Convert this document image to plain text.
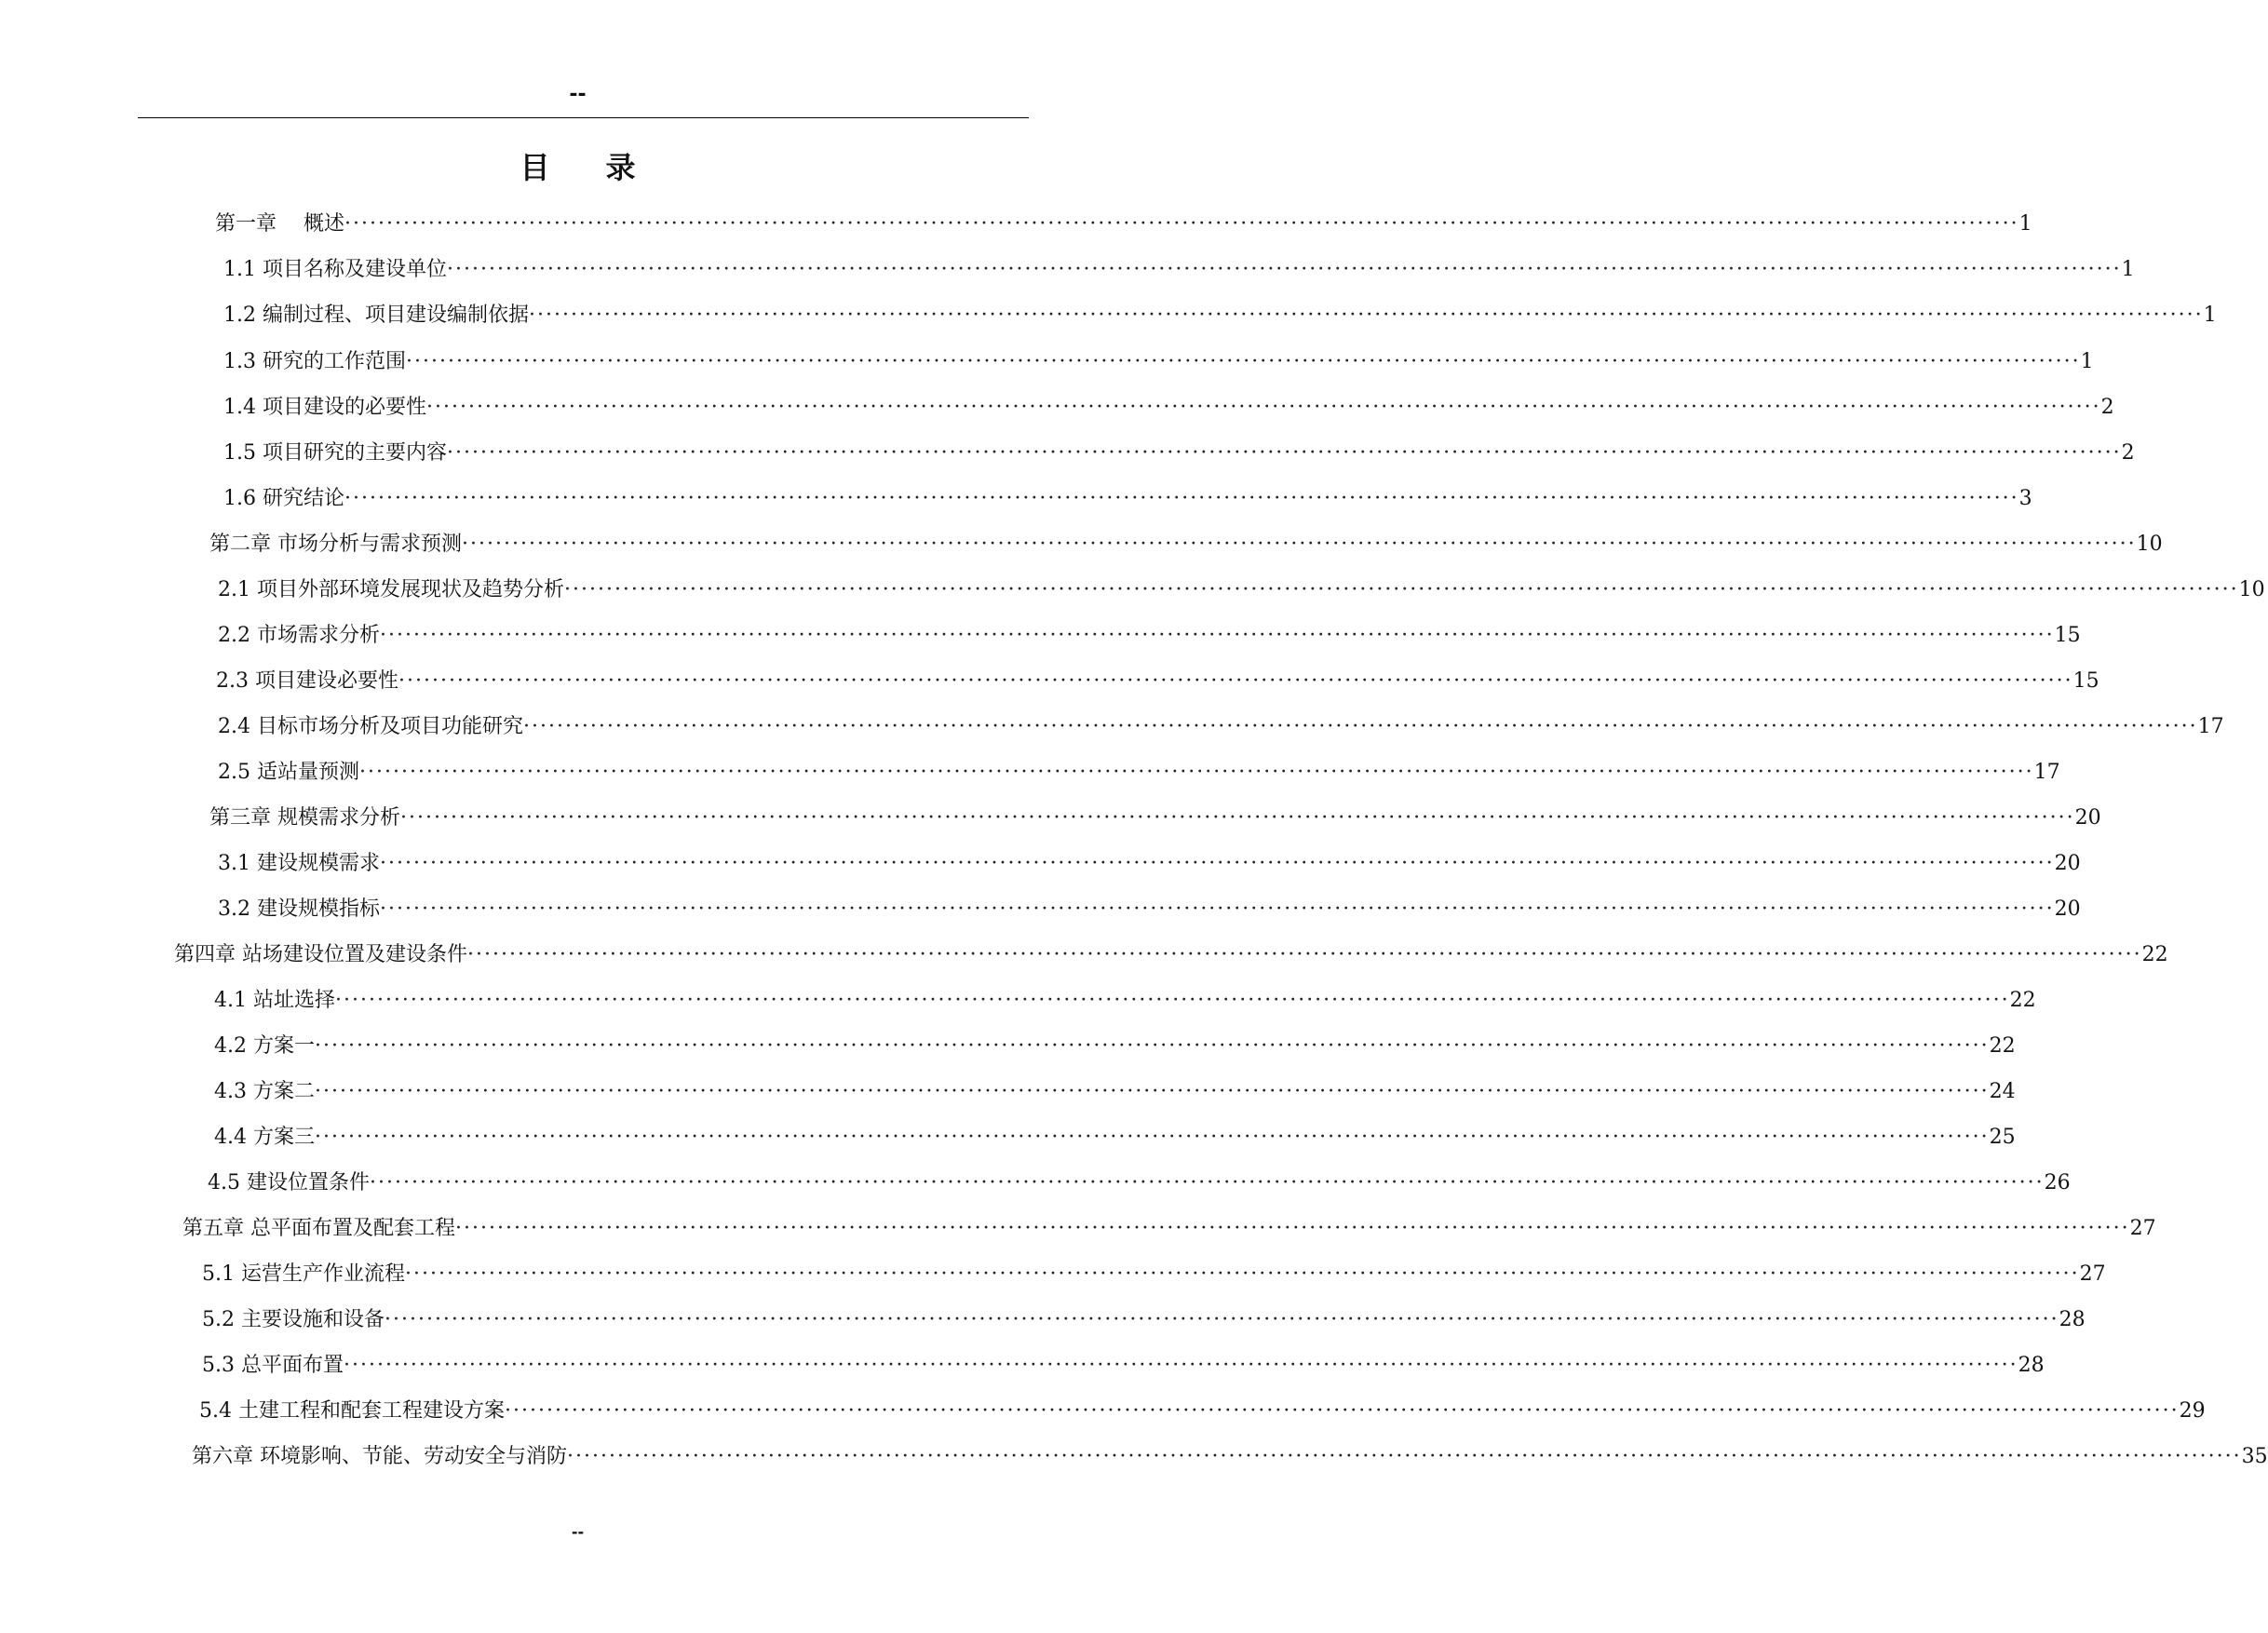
--
目录
第一章　 概述 ········································································································································································································ 1
1.1 项目名称及建设单位 ········································································································································································································ 1
1.2 编制过程、项目建设编制依据 ········································································································································································································ 1
1.3 研究的工作范围 ········································································································································································································ 1
1.4 项目建设的必要性 ········································································································································································································ 2
1.5 项目研究的主要内容 ········································································································································································································ 2
1.6 研究结论 ········································································································································································································ 3
第二章 市场分析与需求预测 ········································································································································································································ 10
2.1 项目外部环境发展现状及趋势分析 ········································································································································································································ 10
2.2 市场需求分析 ········································································································································································································ 15
2.3 项目建设必要性 ········································································································································································································ 15
2.4 目标市场分析及项目功能研究 ········································································································································································································ 17
2.5 适站量预测 ········································································································································································································ 17
第三章 规模需求分析 ········································································································································································································ 20
3.1 建设规模需求 ········································································································································································································ 20
3.2 建设规模指标 ········································································································································································································ 20
第四章 站场建设位置及建设条件 ········································································································································································································ 22
4.1 站址选择 ········································································································································································································ 22
4.2 方案一 ········································································································································································································ 22
4.3 方案二 ········································································································································································································ 24
4.4 方案三 ········································································································································································································ 25
4.5 建设位置条件 ········································································································································································································ 26
第五章 总平面布置及配套工程 ········································································································································································································ 27
5.1 运营生产作业流程 ········································································································································································································ 27
5.2 主要设施和设备 ········································································································································································································ 28
5.3 总平面布置 ········································································································································································································ 28
5.4 土建工程和配套工程建设方案 ········································································································································································································ 29
第六章 环境影响、节能、劳动安全与消防 ········································································································································································································ 35
--
